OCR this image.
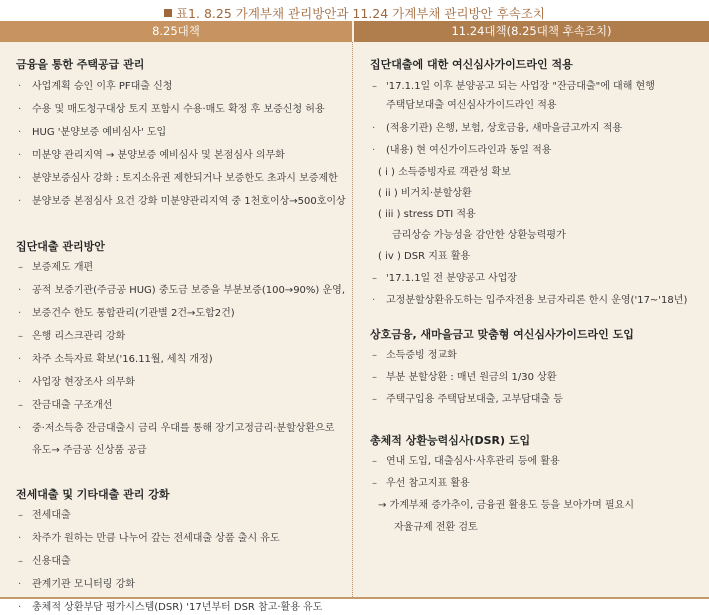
표1. 8.25 가계부채 관리방안과 11.24 가계부채 관리방안 후속조치
8.25대책	11.24대책(8.25대책 후속조치)
금융을 통한 주택공급 관리
· 사업계획 승인 이후 PF대출 신청
· 수용 및 매도청구대상 토지 포함시 수용·매도 확정 후 보증신청 허용
· HUG '분양보증 예비심사' 도입
· 미분양 관리지역 → 분양보증 예비심사 및 본점심사 의무화
· 분양보증심사 강화 : 토지소유권 제한되거나 보증한도 초과시 보증제한
· 분양보증 본점심사 요건 강화 미분양관리지역 중 1천호이상→500호이상
집단대출 관리방안
– 보증제도 개편
· 공적 보증기관(주금공 HUG) 중도금 보증을 부분보증(100→90%) 운영,
· 보증건수 한도 통합관리(기관별 2건→도합2건)
– 은행 리스크관리 강화
· 차주 소득자료 확보('16.11월, 세칙 개정)
· 사업장 현장조사 의무화
– 잔금대출 구조개선
· 중·저소득층 잔금대출시 금리 우대를 통해 장기고정금리·분할상환으로
유도→ 주금공 신상품 공급
전세대출 및 기타대출 관리 강화
– 전세대출
· 차주가 원하는 만큼 나누어 갚는 전세대출 상품 출시 유도
– 신용대출
· 관계기관 모니터링 강화
· 총체적 상환부담 평가시스템(DSR) '17년부터 DSR 참고·활용 유도
집단대출에 대한 여신심사가이드라인 적용
– '17.1.1일 이후 분양공고 되는 사업장 "잔금대출"에 대해 현행
주택담보대출 여신심사가이드라인 적용
· (적용기관) 은행, 보험, 상호금융, 새마을금고까지 적용
· (내용) 현 여신가이드라인과 동일 적용
( i ) 소득증빙자료 객관성 확보
( ii ) 비거치·분할상환
( iii ) stress DTI 적용
금리상승 가능성을 감안한 상환능력평가
( iv ) DSR 지표 활용
– '17.1.1일 전 분양공고 사업장
· 고정분할상환유도하는 입주자전용 보금자리론 한시 운영('17~'18년)
상호금융, 새마을금고 맞춤형 여신심사가이드라인 도입
– 소득증빙 정교화
– 부분 분할상환 : 매년 원금의 1/30 상환
– 주택구입용 주택담보대출, 고부담대출 등
총체적 상환능력심사(DSR) 도입
– 연내 도입, 대출심사·사후관리 등에 활용
– 우선 참고지표 활용
→ 가계부채 증가추이, 금융권 활용도 등을 보아가며 필요시
자율규제 전환 검토
